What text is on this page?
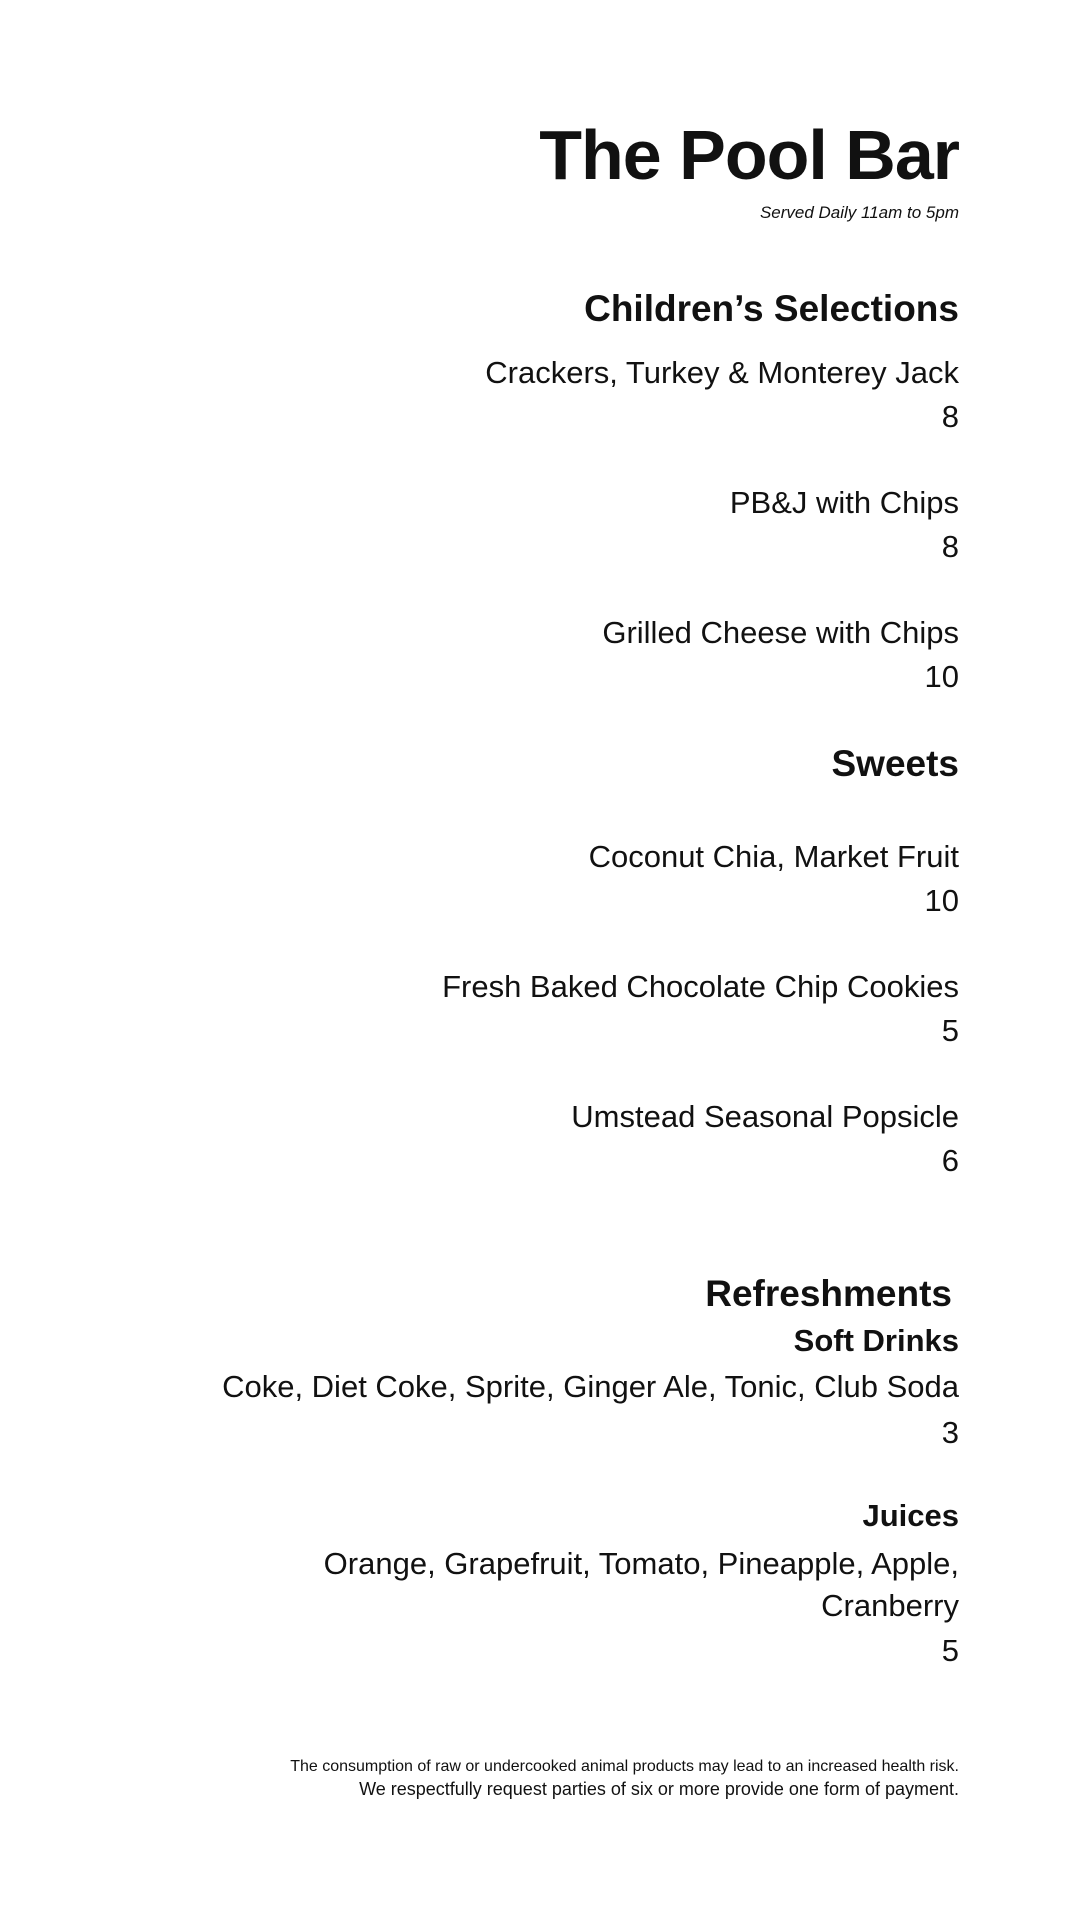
The Pool Bar
Served Daily 11am to 5pm
Children’s Selections
Crackers, Turkey & Monterey Jack
8
PB&J with Chips
8
Grilled Cheese with Chips
10
Sweets
Coconut Chia, Market Fruit
10
Fresh Baked Chocolate Chip Cookies
5
Umstead Seasonal Popsicle
6
Refreshments
Soft Drinks
Coke, Diet Coke, Sprite, Ginger Ale, Tonic, Club Soda
3
Juices
Orange, Grapefruit, Tomato, Pineapple, Apple, Cranberry
5
The consumption of raw or undercooked animal products may lead to an increased health risk.
We respectfully request parties of six or more provide one form of payment.
